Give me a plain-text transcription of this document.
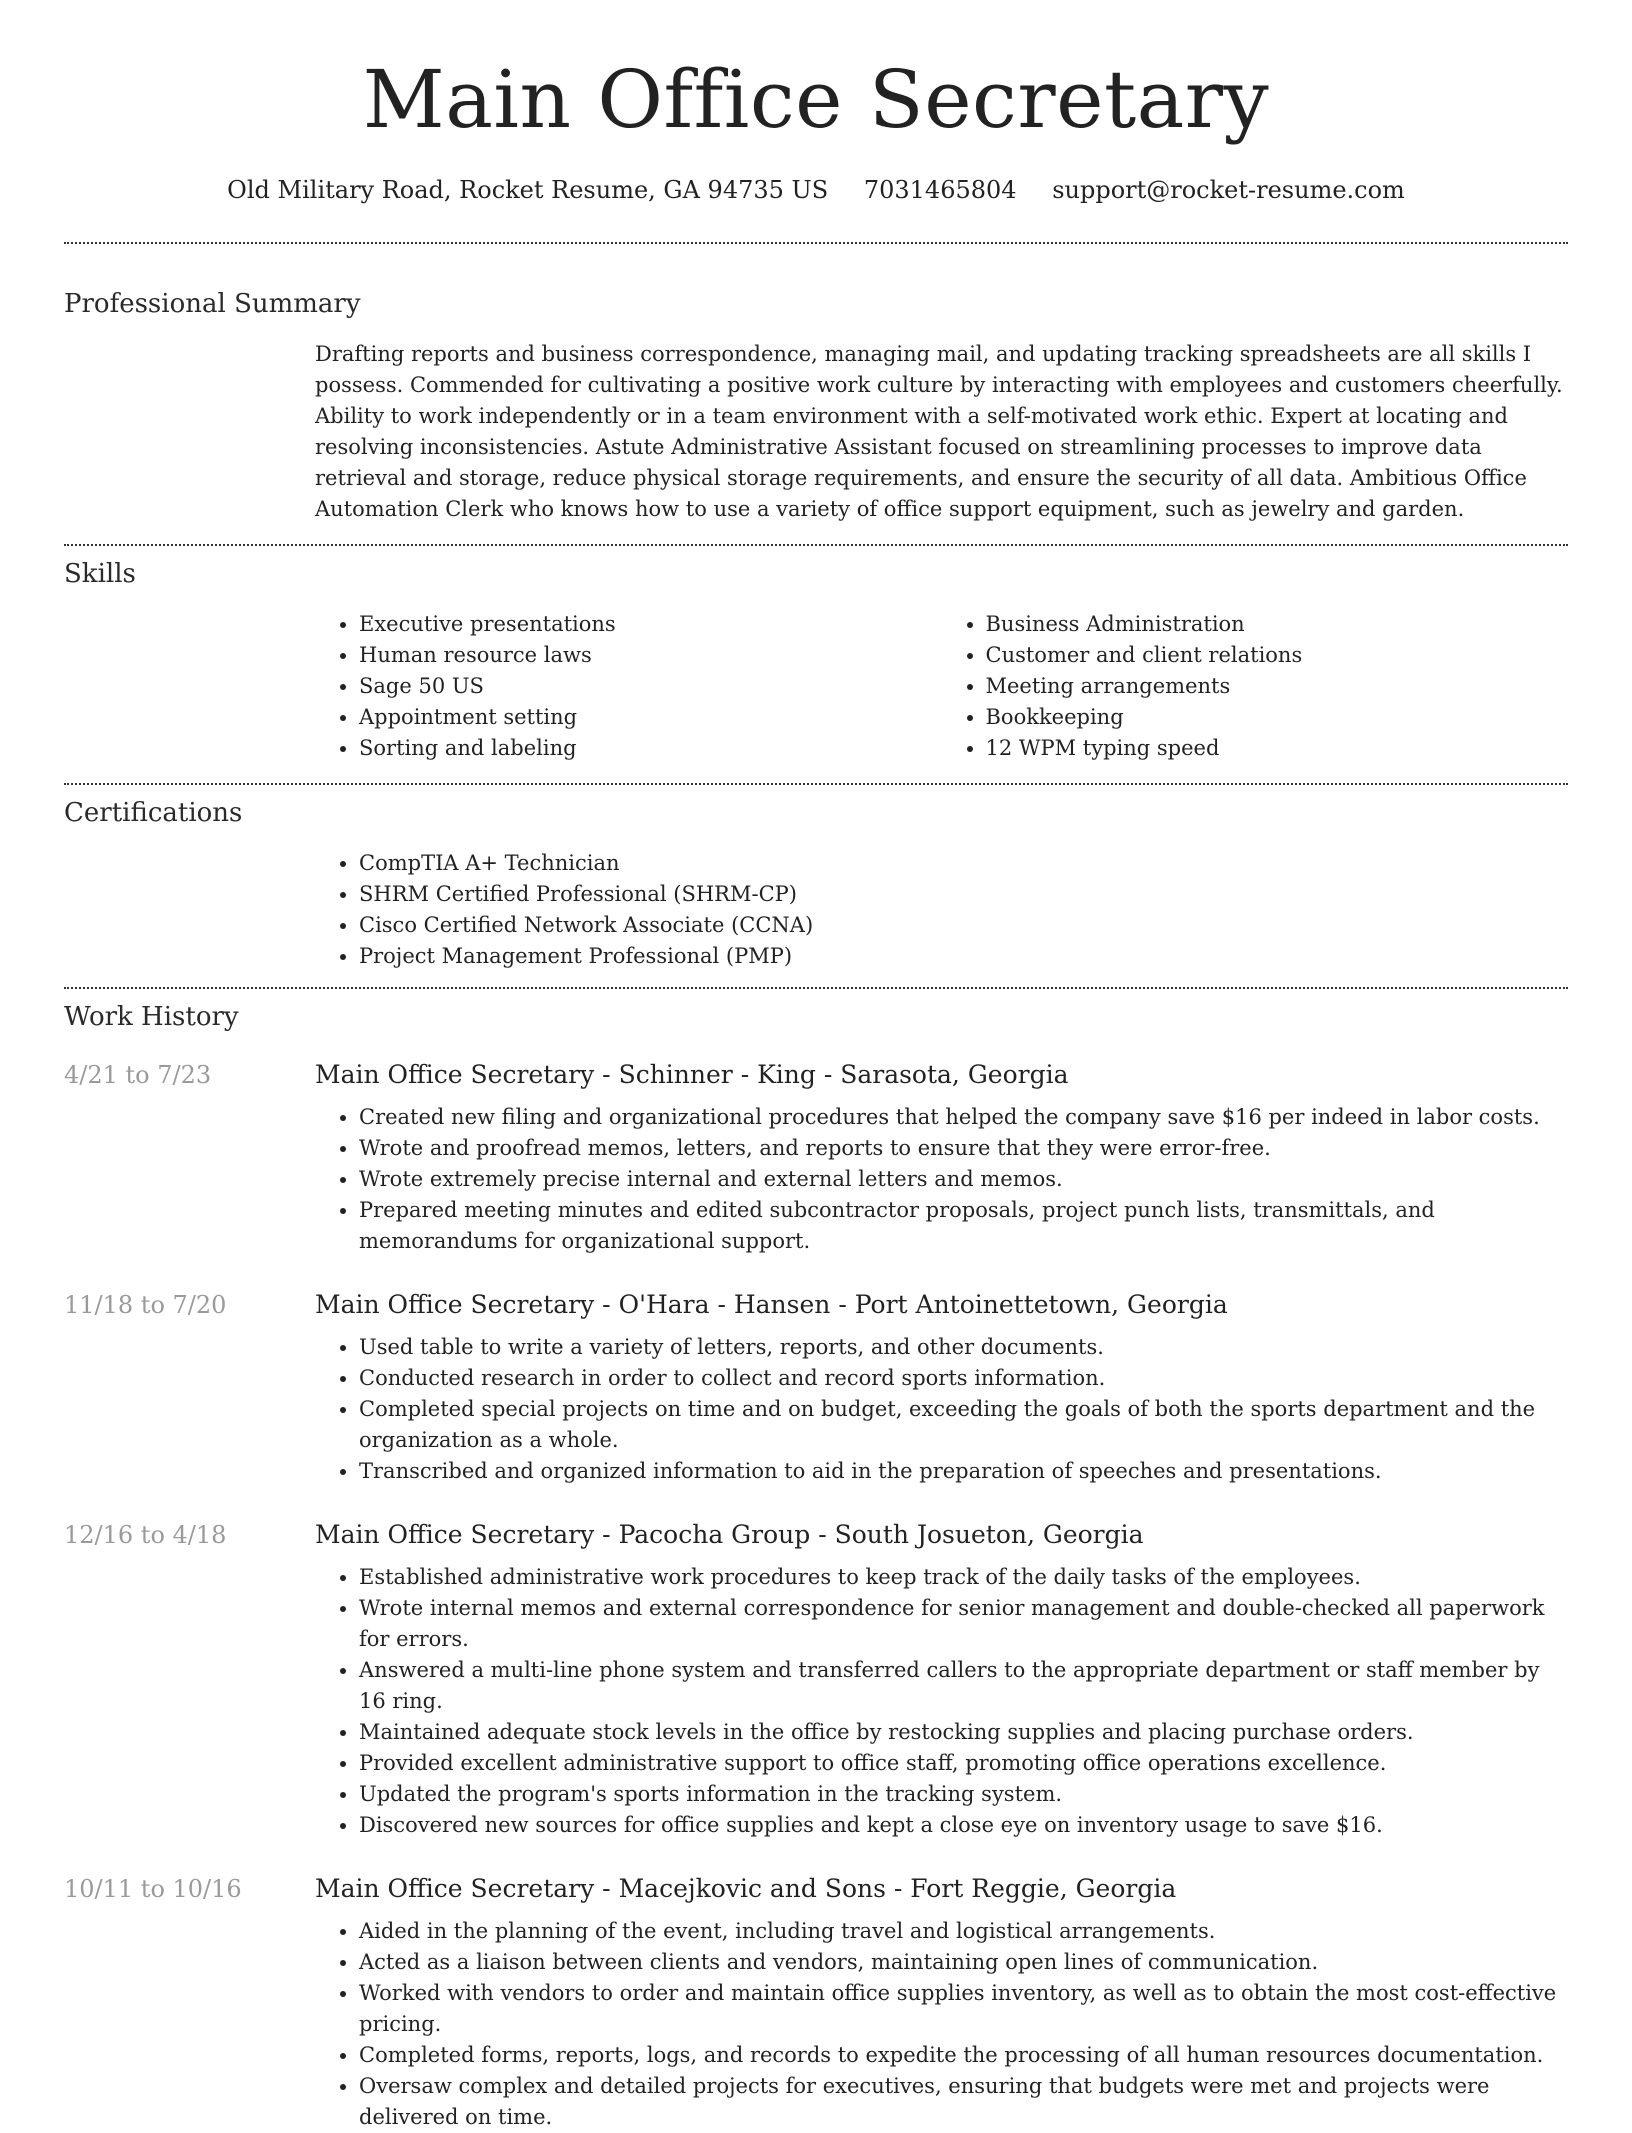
Main Office Secretary
Old Military Road, Rocket Resume, GA 94735 US 7031465804 support@rocket-resume.com
Professional Summary

Drafting reports and business correspondence, managing mail, and updating tracking spreadsheets are all skills I possess. Commended for cultivating a positive work culture by interacting with employees and customers cheerfully. Ability to work independently or in a team environment with a self-motivated work ethic. Expert at locating and resolving inconsistencies. Astute Administrative Assistant focused on streamlining processes to improve data retrieval and storage, reduce physical storage requirements, and ensure the security of all data. Ambitious Office Automation Clerk who knows how to use a variety of office support equipment, such as jewelry and garden.

Skills
• Executive presentations
• Human resource laws
• Sage 50 US
• Appointment setting
• Sorting and labeling
• Business Administration
• Customer and client relations
• Meeting arrangements
• Bookkeeping
• 12 WPM typing speed
Certifications
• CompTIA A+ Technician
• SHRM Certified Professional (SHRM-CP)
• Cisco Certified Network Associate (CCNA)
• Project Management Professional (PMP)
Work History
4/21 to 7/23	Main Office Secretary - Schinner - King - Sarasota, Georgia
• Created new filing and organizational procedures that helped the company save $16 per indeed in labor costs.
• Wrote and proofread memos, letters, and reports to ensure that they were error-free.
• Wrote extremely precise internal and external letters and memos.
• Prepared meeting minutes and edited subcontractor proposals, project punch lists, transmittals, and memorandums for organizational support.
11/18 to 7/20	Main Office Secretary - O'Hara - Hansen - Port Antoinettetown, Georgia
• Used table to write a variety of letters, reports, and other documents.
• Conducted research in order to collect and record sports information.
• Completed special projects on time and on budget, exceeding the goals of both the sports department and the organization as a whole.
• Transcribed and organized information to aid in the preparation of speeches and presentations.
12/16 to 4/18	Main Office Secretary - Pacocha Group - South Josueton, Georgia
• Established administrative work procedures to keep track of the daily tasks of the employees.
• Wrote internal memos and external correspondence for senior management and double-checked all paperwork for errors.
• Answered a multi-line phone system and transferred callers to the appropriate department or staff member by 16 ring.
• Maintained adequate stock levels in the office by restocking supplies and placing purchase orders.
• Provided excellent administrative support to office staff, promoting office operations excellence.
• Updated the program's sports information in the tracking system.
• Discovered new sources for office supplies and kept a close eye on inventory usage to save $16.
10/11 to 10/16	Main Office Secretary - Macejkovic and Sons - Fort Reggie, Georgia
• Aided in the planning of the event, including travel and logistical arrangements.
• Acted as a liaison between clients and vendors, maintaining open lines of communication.
• Worked with vendors to order and maintain office supplies inventory, as well as to obtain the most cost-effective pricing.
• Completed forms, reports, logs, and records to expedite the processing of all human resources documentation.
• Oversaw complex and detailed projects for executives, ensuring that budgets were met and projects were delivered on time.
